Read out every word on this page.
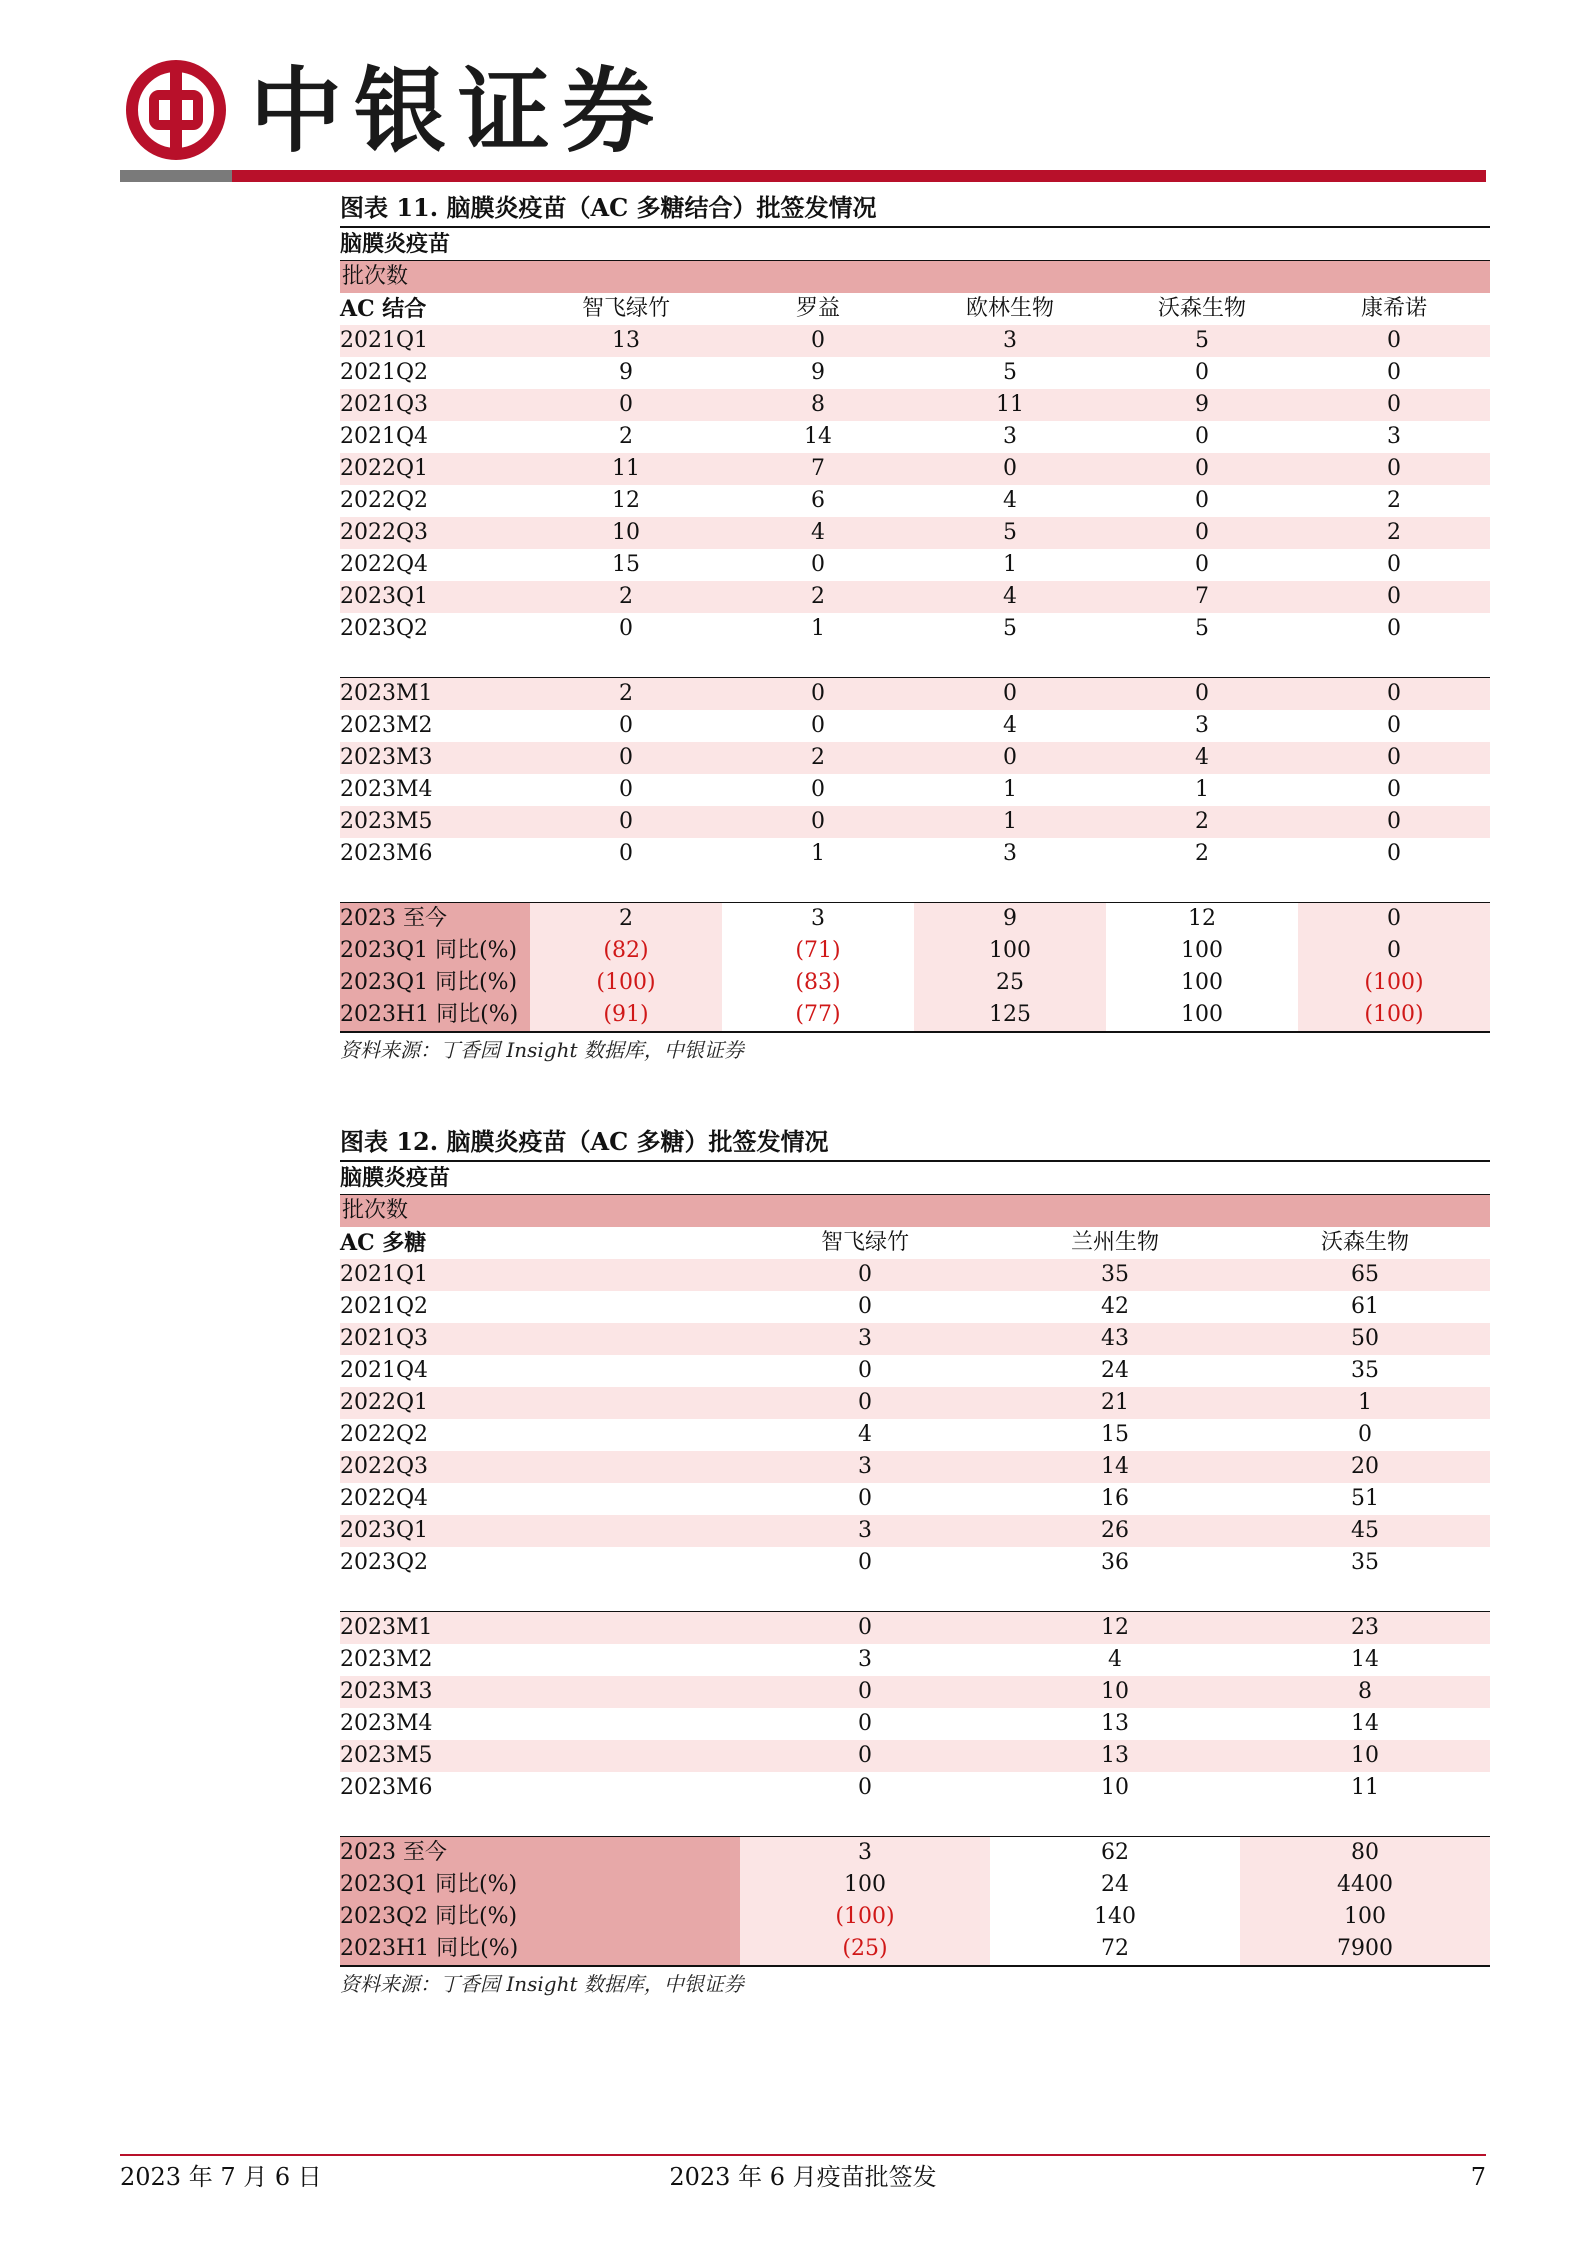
中银证券
图表 11. 脑膜炎疫苗（AC 多糖结合）批签发情况
脑膜炎疫苗
批次数
AC 结合	智飞绿竹	罗益	欧林生物	沃森生物	康希诺
2021Q1	13	0	3	5	0
2021Q2	9	9	5	0	0
2021Q3	0	8	11	9	0
2021Q4	2	14	3	0	3
2022Q1	11	7	0	0	0
2022Q2	12	6	4	0	2
2022Q3	10	4	5	0	2
2022Q4	15	0	1	0	0
2023Q1	2	2	4	7	0
2023Q2	0	1	5	5	0

2023M1	2	0	0	0	0
2023M2	0	0	4	3	0
2023M3	0	2	0	4	0
2023M4	0	0	1	1	0
2023M5	0	0	1	2	0
2023M6	0	1	3	2	0

2023 至今	2	3	9	12	0
2023Q1 同比(%)	(82)	(71)	100	100	0
2023Q1 同比(%)	(100)	(83)	25	100	(100)
2023H1 同比(%)	(91)	(77)	125	100	(100)
资料来源：丁香园 Insight 数据库，中银证券
图表 12. 脑膜炎疫苗（AC 多糖）批签发情况
脑膜炎疫苗
批次数
AC 多糖	智飞绿竹	兰州生物	沃森生物
2021Q1	0	35	65
2021Q2	0	42	61
2021Q3	3	43	50
2021Q4	0	24	35
2022Q1	0	21	1
2022Q2	4	15	0
2022Q3	3	14	20
2022Q4	0	16	51
2023Q1	3	26	45
2023Q2	0	36	35

2023M1	0	12	23
2023M2	3	4	14
2023M3	0	10	8
2023M4	0	13	14
2023M5	0	13	10
2023M6	0	10	11

2023 至今	3	62	80
2023Q1 同比(%)	100	24	4400
2023Q2 同比(%)	(100)	140	100
2023H1 同比(%)	(25)	72	7900
资料来源：丁香园 Insight 数据库，中银证券
2023 年 7 月 6 日	2023 年 6 月疫苗批签发	7
